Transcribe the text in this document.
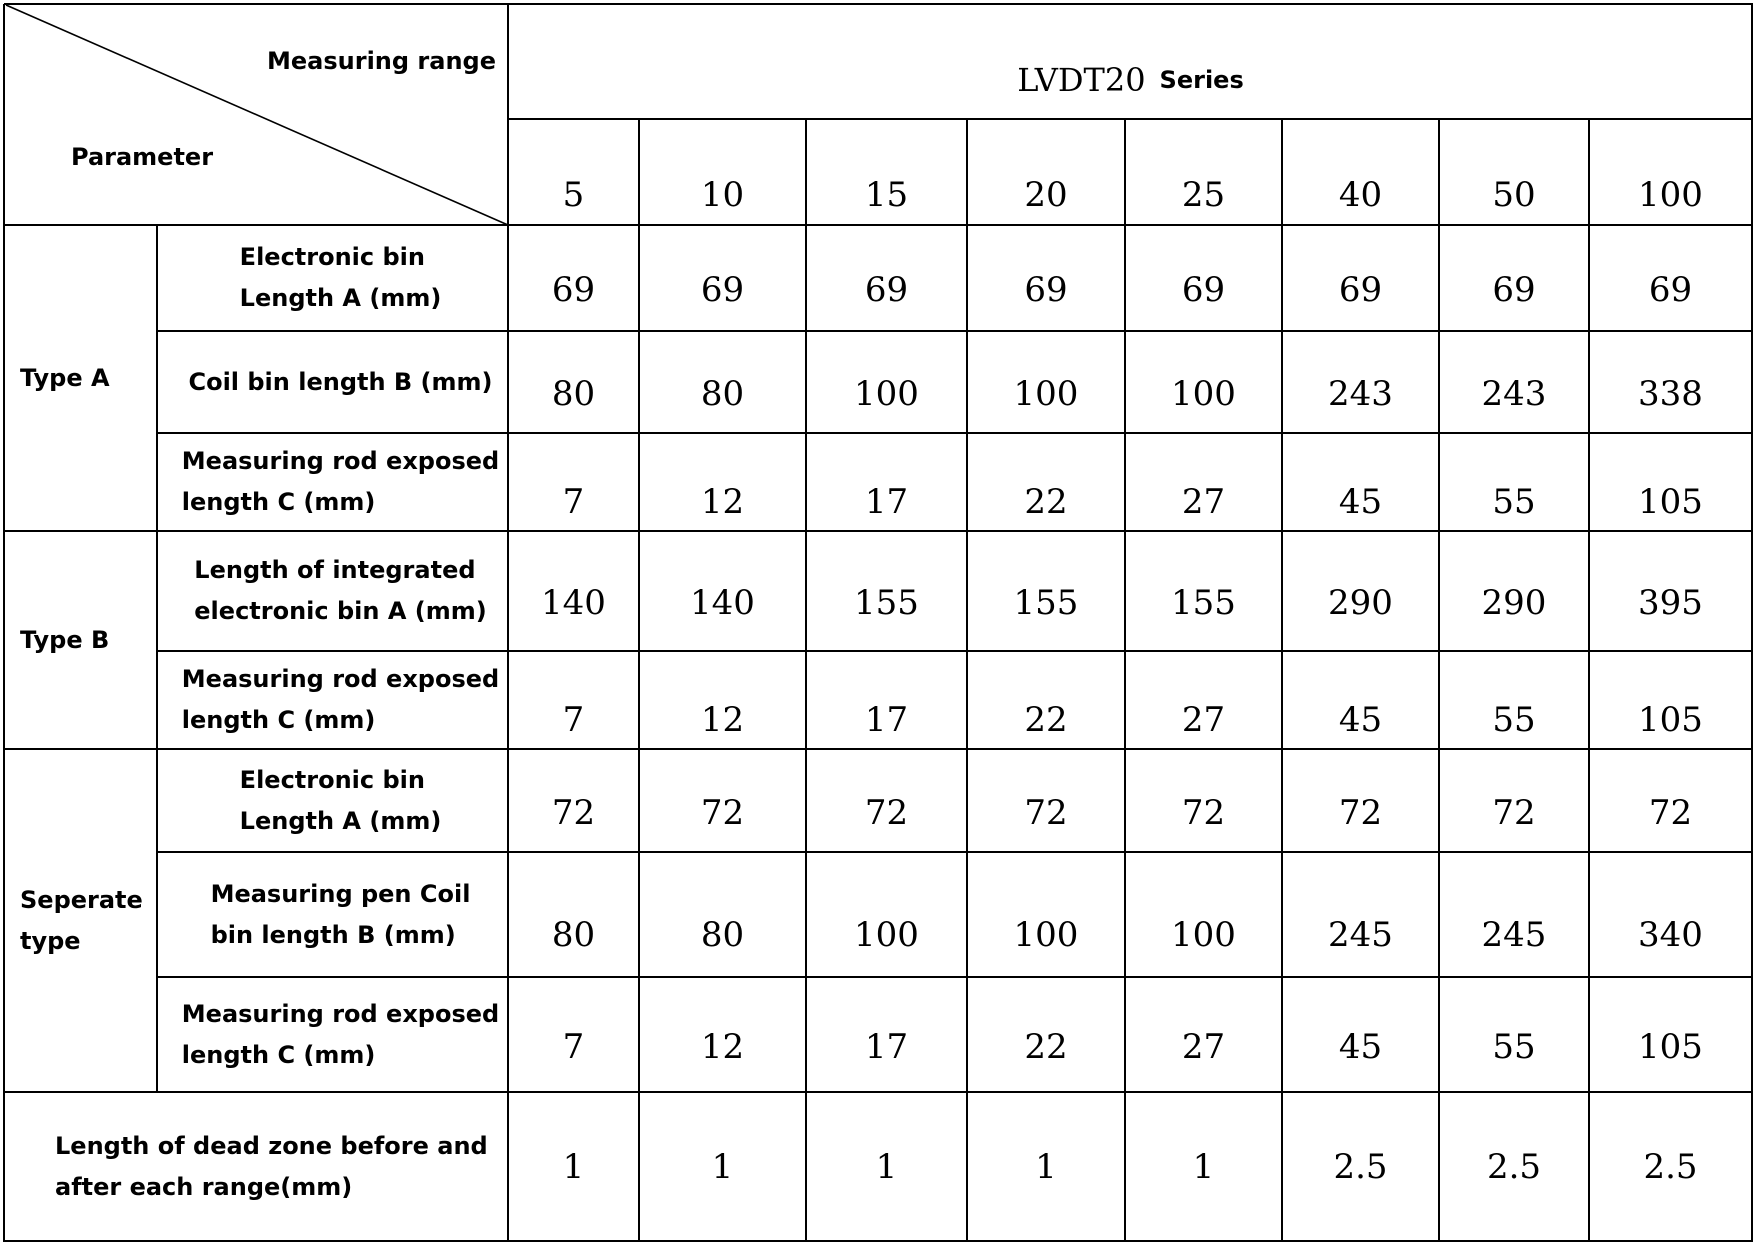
Measuring range
Parameter
LVDT20 Series
5	10	15	20	25	40	50	100
Type A
Electronic bin
Length A (mm)	69	69	69	69	69	69	69	69
Coil bin length B (mm)	80	80	100	100	100	243	243	338
Measuring rod exposed
length C (mm)	7	12	17	22	27	45	55	105
Type B
Length of integrated
electronic bin A (mm)	140	140	155	155	155	290	290	395
Measuring rod exposed
length C (mm)	7	12	17	22	27	45	55	105
Seperate
type
Electronic bin
Length A (mm)	72	72	72	72	72	72	72	72
Measuring pen Coil
bin length B (mm)	80	80	100	100	100	245	245	340
Measuring rod exposed
length C (mm)	7	12	17	22	27	45	55	105
Length of dead zone before and
after each range(mm)	1	1	1	1	1	2.5	2.5	2.5
